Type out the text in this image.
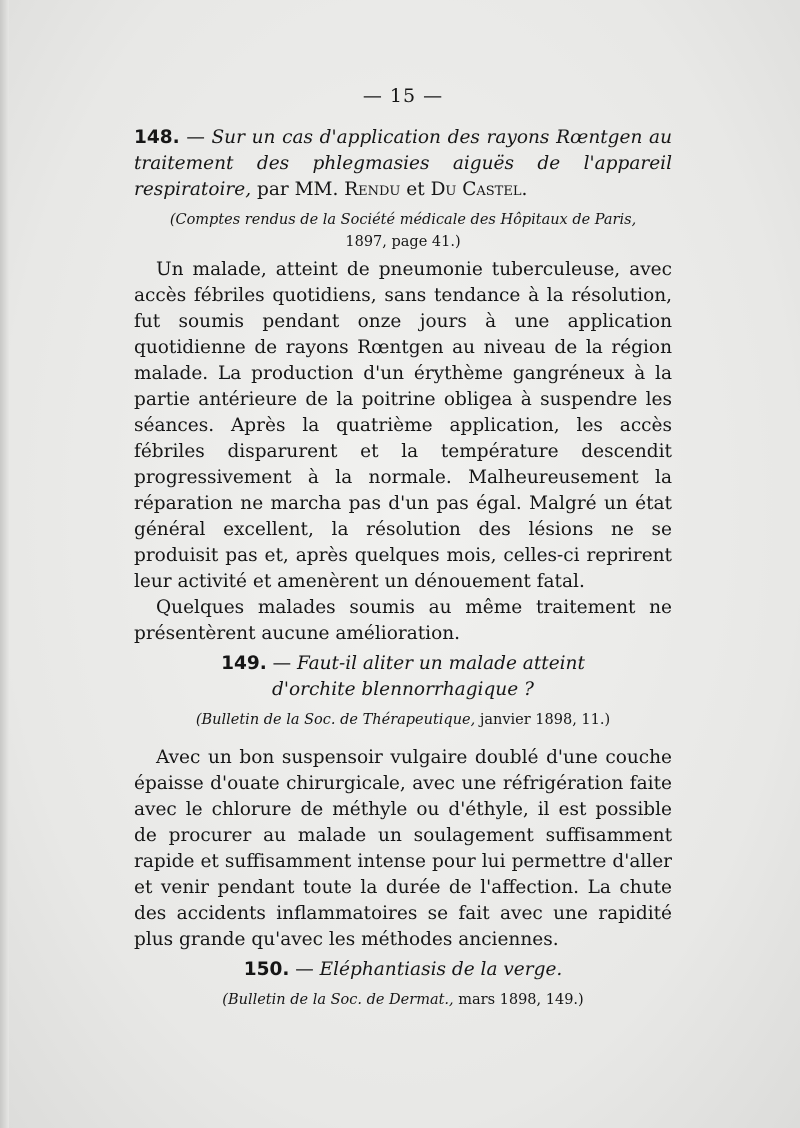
— 15 —

148. — Sur un cas d'application des rayons Rœntgen au traitement des phlegmasies aiguës de l'appareil respiratoire, par MM. Rendu et Du Castel.

(Comptes rendus de la Société médicale des Hôpitaux de Paris,
1897, page 41.)

Un malade, atteint de pneumonie tuberculeuse, avec accès fébriles quotidiens, sans tendance à la résolution, fut soumis pendant onze jours à une application quotidienne de rayons Rœntgen au niveau de la région malade. La production d'un érythème gangréneux à la partie antérieure de la poitrine obligea à suspendre les séances. Après la quatrième application, les accès fébriles disparurent et la température descendit progressivement à la normale. Malheureusement la réparation ne marcha pas d'un pas égal. Malgré un état général excellent, la résolution des lésions ne se produisit pas et, après quelques mois, celles-ci reprirent leur activité et amenèrent un dénouement fatal.

Quelques malades soumis au même traitement ne présentèrent aucune amélioration.

149. — Faut-il aliter un malade atteint d'orchite blennorrhagique ?

(Bulletin de la Soc. de Thérapeutique, janvier 1898, 11.)

Avec un bon suspensoir vulgaire doublé d'une couche épaisse d'ouate chirurgicale, avec une réfrigération faite avec le chlorure de méthyle ou d'éthyle, il est possible de procurer au malade un soulagement suffisamment rapide et suffisamment intense pour lui permettre d'aller et venir pendant toute la durée de l'affection. La chute des accidents inflammatoires se fait avec une rapidité plus grande qu'avec les méthodes anciennes.

150. — Eléphantiasis de la verge.

(Bulletin de la Soc. de Dermat., mars 1898, 149.)
